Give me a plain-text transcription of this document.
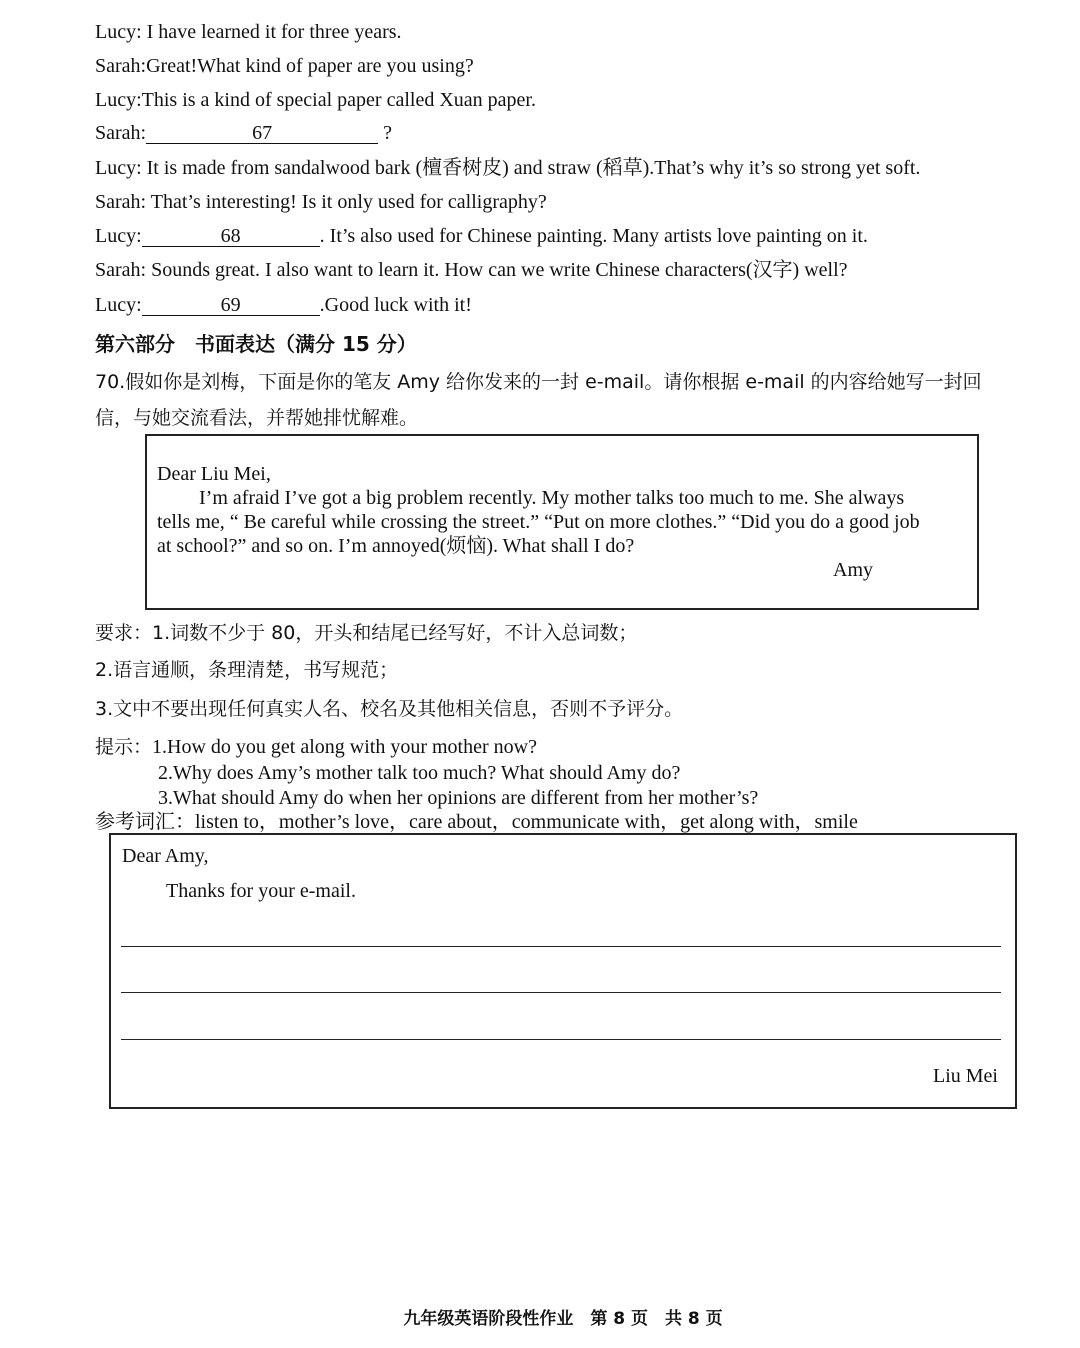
Lucy: I have learned it for three years.
Sarah:Great!What kind of paper are you using?
Lucy:This is a kind of special paper called Xuan paper.
Sarah:	67	?
Lucy: It is made from sandalwood bark (檀香树皮) and straw (稻草).That’s why it’s so strong yet soft.
Sarah: That’s interesting! Is it only used for calligraphy?
Lucy:	68	. It’s also used for Chinese painting. Many artists love painting on it.
Sarah: Sounds great. I also want to learn it. How can we write Chinese characters(汉字) well?
Lucy:	69	.Good luck with it!
第六部分　书面表达（满分 15 分）
70.假如你是刘梅，下面是你的笔友 Amy 给你发来的一封 e-mail。请你根据 e-mail 的内容给她写一封回
信，与她交流看法，并帮她排忧解难。
Dear Liu Mei,
I’m afraid I’ve got a big problem recently. My mother talks too much to me. She always
tells me, “ Be careful while crossing the street.” “Put on more clothes.” “Did you do a good job
at school?” and so on. I’m annoyed(烦恼). What shall I do?
Amy
要求：1.词数不少于 80，开头和结尾已经写好，不计入总词数；
2.语言通顺，条理清楚，书写规范；
3.文中不要出现任何真实人名、校名及其他相关信息，否则不予评分。
提示：1.How do you get along with your mother now?
2.Why does Amy’s mother talk too much? What should Amy do?
3.What should Amy do when her opinions are different from her mother’s?
参考词汇：listen to，mother’s love，care about，communicate with，get along with，smile
Dear Amy,
Thanks for your e-mail.
Liu Mei
九年级英语阶段性作业　第 8 页　共 8 页
